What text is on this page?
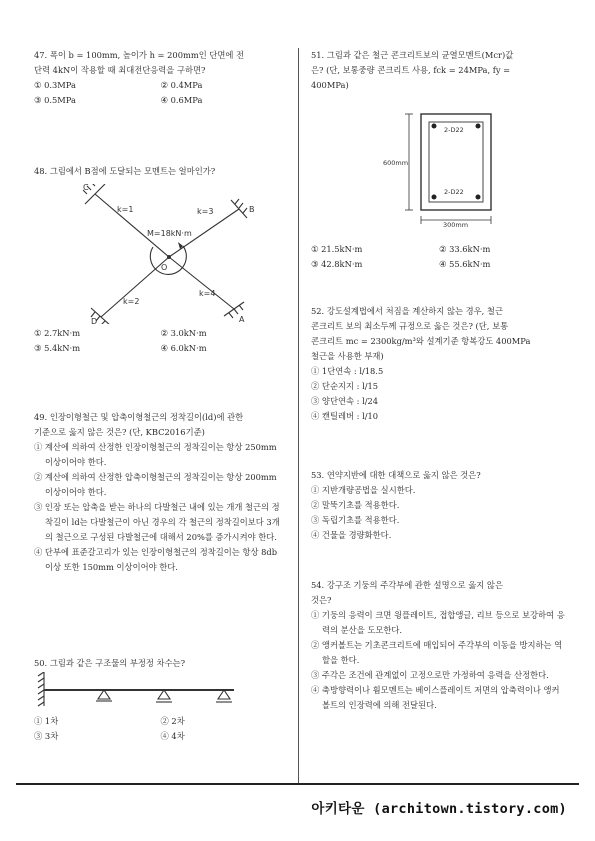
47. 폭이 b = 100mm, 높이가 h = 200mm인 단면에 전
단력 4kN이 작용할 때 최대전단응력을 구하면?
① 0.3MPa	② 0.4MPa
③ 0.5MPa	④ 0.6MPa
48. 그림에서 B점에 도달되는 모멘트는 얼마인가?
C
B
D	A
O
k=1	k=3
k=2
k=4
M=18kN·m
① 2.7kN·m	② 3.0kN·m
③ 5.4kN·m	④ 6.0kN·m
49. 인장이형철근 및 압축이형철근의 정착길이(ld)에 관한
기준으로 옳지 않은 것은? (단, KBC2016기준)
① 계산에 의하여 산정한 인장이형철근의 정착길이는 항상 250mm 이상이어야 한다.
② 계산에 의하여 산정한 압축이형철근의 정착길이는 항상 200mm 이상이어야 한다.
③ 인장 또는 압축을 받는 하나의 다발철근 내에 있는 개개 철근의 정착길이 ld는 다발철근이 아닌 경우의 각 철근의 정착길이보다 3개의 철근으로 구성된 다발철근에 대해서 20%를 증가시켜야 한다.
④ 단부에 표준갈고리가 있는 인장이형철근의 정착길이는 항상 8db 이상 또한 150mm 이상이어야 한다.
50. 그림과 같은 구조물의 부정정 차수는?
① 1차	② 2차
③ 3차	④ 4차
51. 그림과 같은 철근 콘크리트보의 균열모멘트(Mcr)값
은? (단, 보통중량 콘크리트 사용, fck = 24MPa, fy =
400MPa)
2-D22
2-D22
600mm
300mm
① 21.5kN·m	② 33.6kN·m
③ 42.8kN·m	④ 55.6kN·m
52. 강도설계법에서 처짐을 계산하지 않는 경우, 철근
콘크리트 보의 최소두께 규정으로 옳은 것은? (단, 보통
콘크리트 mc = 2300kg/m³와 설계기준 항복강도 400MPa
철근을 사용한 부재)
① 1단연속 : l/18.5
② 단순지지 : l/15
③ 양단연속 : l/24
④ 캔틸레버 : l/10
53. 연약지반에 대한 대책으로 옳지 않은 것은?
① 지반개량공법을 실시한다.
② 말뚝기초를 적용한다.
③ 독립기초를 적용한다.
④ 건물을 경량화한다.
54. 강구조 기둥의 주각부에 관한 설명으로 옳지 않은
것은?
① 기둥의 응력이 크면 윙플레이트, 접합앵글, 리브 등으로 보강하여 응력의 분산을 도모한다.
② 앵커볼트는 기초콘크리트에 매입되어 주각부의 이동을 방지하는 역할을 한다.
③ 주각은 조건에 관계없이 고정으로만 가정하여 응력을 산정한다.
④ 축방향력이나 휨모멘트는 베이스플레이트 저면의 압축력이나 앵커볼트의 인장력에 의해 전달된다.
아키타운 (architown.tistory.com)
